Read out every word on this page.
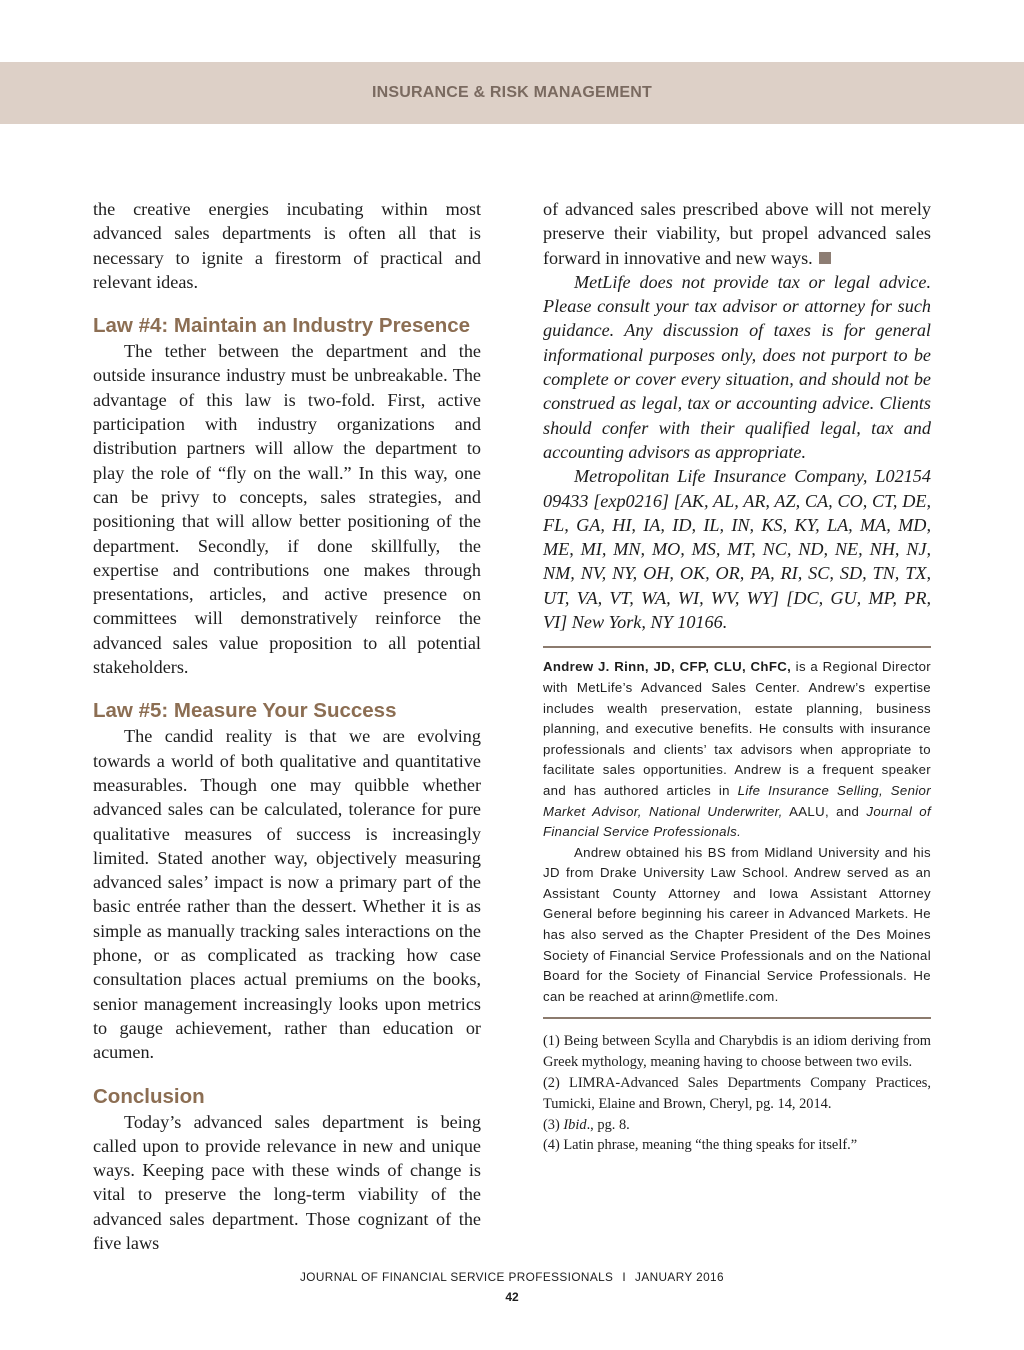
INSURANCE & RISK MANAGEMENT

the creative energies incubating within most advanced sales departments is often all that is necessary to ignite a firestorm of practical and relevant ideas.

Law #4: Maintain an Industry Presence

The tether between the department and the outside insurance industry must be unbreakable. The advantage of this law is two-fold. First, active participation with industry organizations and distribution partners will allow the department to play the role of “fly on the wall.” In this way, one can be privy to concepts, sales strategies, and positioning that will allow better positioning of the department. Secondly, if done skillfully, the expertise and contributions one makes through presentations, articles, and active presence on committees will demonstratively reinforce the advanced sales value proposition to all potential stakeholders.

Law #5: Measure Your Success

The candid reality is that we are evolving towards a world of both qualitative and quantitative measurables. Though one may quibble whether advanced sales can be calculated, tolerance for pure qualitative measures of success is increasingly limited. Stated another way, objectively measuring advanced sales’ impact is now a primary part of the basic entrée rather than the dessert. Whether it is as simple as manually tracking sales interactions on the phone, or as complicated as tracking how case consultation places actual premiums on the books, senior management increasingly looks upon metrics to gauge achievement, rather than education or acumen.

Conclusion

Today’s advanced sales department is being called upon to provide relevance in new and unique ways. Keeping pace with these winds of change is vital to preserve the long-term viability of the advanced sales department. Those cognizant of the five laws

of advanced sales prescribed above will not merely preserve their viability, but propel advanced sales forward in innovative and new ways.

MetLife does not provide tax or legal advice. Please consult your tax advisor or attorney for such guidance. Any discussion of taxes is for general informational purposes only, does not purport to be complete or cover every situation, and should not be construed as legal, tax or accounting advice. Clients should confer with their qualified legal, tax and accounting advisors as appropriate.

Metropolitan Life Insurance Company, L02154 09433 [exp0216] [AK, AL, AR, AZ, CA, CO, CT, DE, FL, GA, HI, IA, ID, IL, IN, KS, KY, LA, MA, MD, ME, MI, MN, MO, MS, MT, NC, ND, NE, NH, NJ, NM, NV, NY, OH, OK, OR, PA, RI, SC, SD, TN, TX, UT, VA, VT, WA, WI, WV, WY] [DC, GU, MP, PR, VI] New York, NY 10166.

Andrew J. Rinn, JD, CFP, CLU, ChFC, is a Regional Director with MetLife’s Advanced Sales Center. Andrew’s expertise includes wealth preservation, estate planning, business planning, and executive benefits. He consults with insurance professionals and clients’ tax advisors when appropriate to facilitate sales opportunities. Andrew is a frequent speaker and has authored articles in Life Insurance Selling, Senior Market Advisor, National Underwriter, AALU, and Journal of Financial Service Professionals.

Andrew obtained his BS from Midland University and his JD from Drake University Law School. Andrew served as an Assistant County Attorney and Iowa Assistant Attorney General before beginning his career in Advanced Markets. He has also served as the Chapter President of the Des Moines Society of Financial Service Professionals and on the National Board for the Society of Financial Service Professionals. He can be reached at arinn@metlife.com.

(1) Being between Scylla and Charybdis is an idiom deriving from Greek mythology, meaning having to choose between two evils.

(2) LIMRA-Advanced Sales Departments Company Practices, Tumicki, Elaine and Brown, Cheryl, pg. 14, 2014.

(3) Ibid., pg. 8.

(4) Latin phrase, meaning “the thing speaks for itself.”

JOURNAL OF FINANCIAL SERVICE PROFESSIONALS I JANUARY 2016
42
